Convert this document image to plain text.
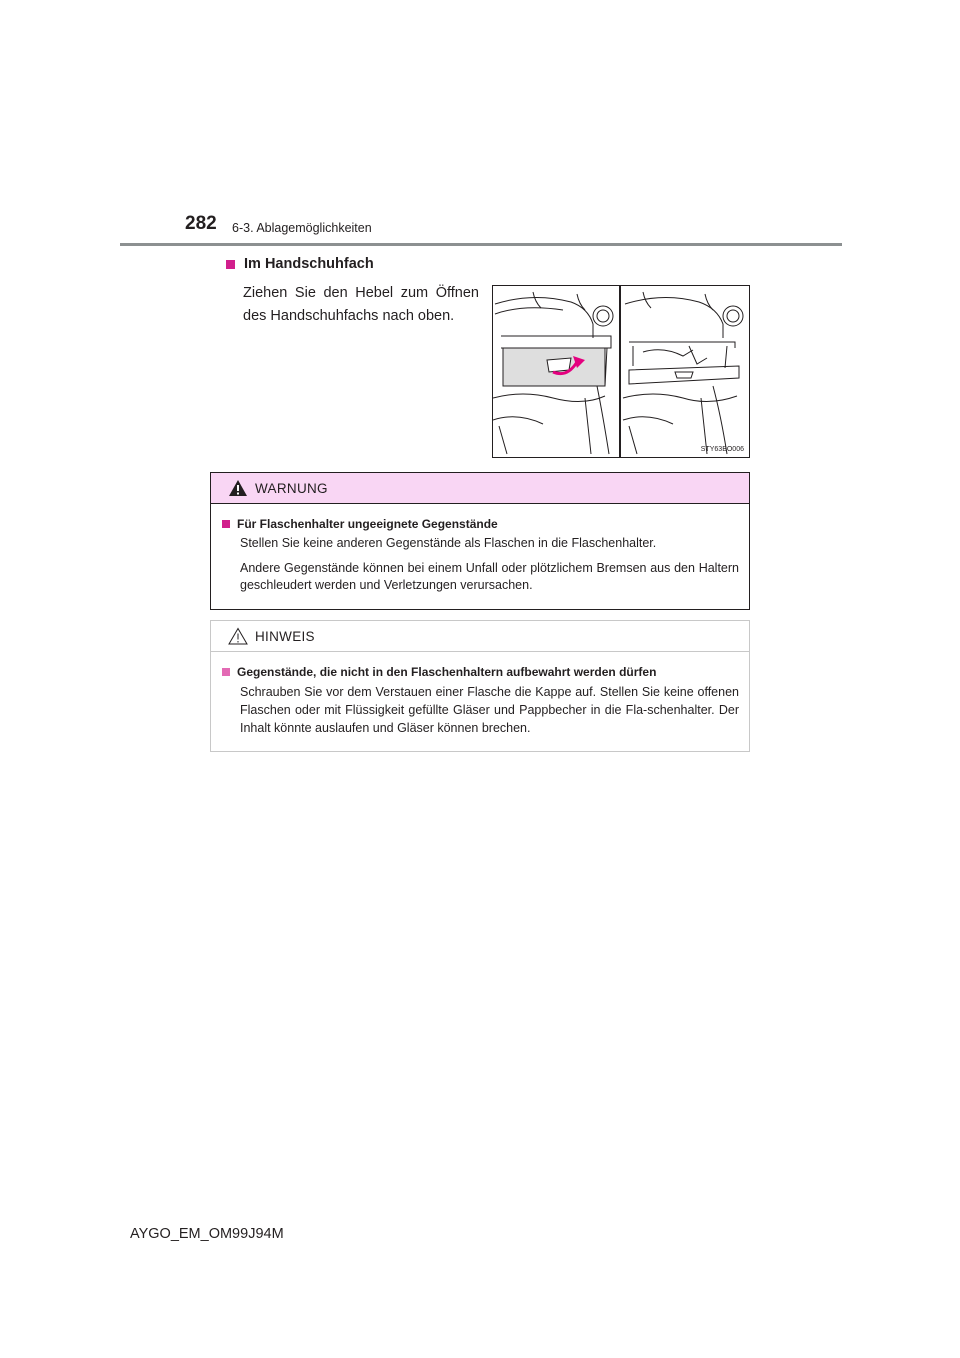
282 6-3. Ablagemöglichkeiten
Im Handschuhfach
Ziehen Sie den Hebel zum Öffnen des Handschuhfachs nach oben.
STY63BO006
WARNUNG
Für Flaschenhalter ungeeignete Gegenstände

Stellen Sie keine anderen Gegenstände als Flaschen in die Flaschenhalter.

Andere Gegenstände können bei einem Unfall oder plötzlichem Bremsen aus den Haltern geschleudert werden und Verletzungen verursachen.

HINWEIS
Gegenstände, die nicht in den Flaschenhaltern aufbewahrt werden dürfen

Schrauben Sie vor dem Verstauen einer Flasche die Kappe auf. Stellen Sie keine offenen Flaschen oder mit Flüssigkeit gefüllte Gläser und Pappbecher in die Fla-schenhalter. Der Inhalt könnte auslaufen und Gläser können brechen.

AYGO_EM_OM99J94M
